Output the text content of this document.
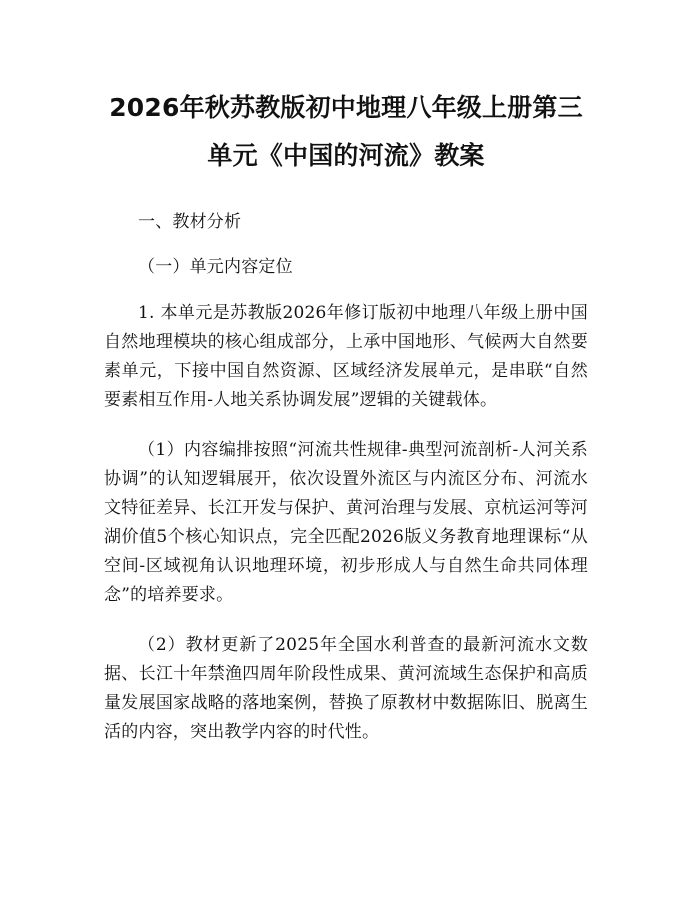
2026年秋苏教版初中地理八年级上册第三单元《中国的河流》教案

一、教材分析

（一）单元内容定位

1. 本单元是苏教版2026年修订版初中地理八年级上册中国自然地理模块的核心组成部分，上承中国地形、气候两大自然要素单元，下接中国自然资源、区域经济发展单元，是串联“自然要素相互作用-人地关系协调发展”逻辑的关键载体。

（1）内容编排按照“河流共性规律-典型河流剖析-人河关系协调”的认知逻辑展开，依次设置外流区与内流区分布、河流水文特征差异、长江开发与保护、黄河治理与发展、京杭运河等河湖价值5个核心知识点，完全匹配2026版义务教育地理课标“从空间-区域视角认识地理环境，初步形成人与自然生命共同体理念”的培养要求。

（2）教材更新了2025年全国水利普查的最新河流水文数据、长江十年禁渔四周年阶段性成果、黄河流域生态保护和高质量发展国家战略的落地案例，替换了原教材中数据陈旧、脱离生活的内容，突出教学内容的时代性。
